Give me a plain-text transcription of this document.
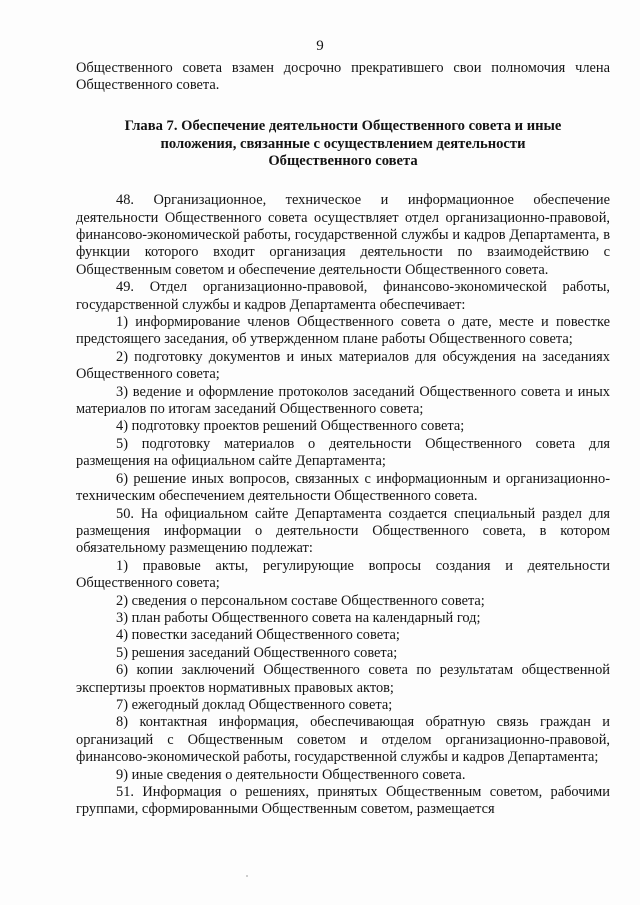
9

Общественного совета взамен досрочно прекратившего свои полномочия члена Общественного совета.

Глава 7. Обеспечение деятельности Общественного совета и иные
положения, связанные с осуществлением деятельности
Общественного совета

48. Организационное, техническое и информационное обеспечение деятельности Общественного совета осуществляет отдел организационно-правовой, финансово-экономической работы, государственной службы и кадров Департамента, в функции которого входит организация деятельности по взаимодействию с Общественным советом и обеспечение деятельности Общественного совета.

49. Отдел организационно-правовой, финансово-экономической работы, государственной службы и кадров Департамента обеспечивает:

1) информирование членов Общественного совета о дате, месте и повестке предстоящего заседания, об утвержденном плане работы Общественного совета;

2) подготовку документов и иных материалов для обсуждения на заседаниях Общественного совета;

3) ведение и оформление протоколов заседаний Общественного совета и иных материалов по итогам заседаний Общественного совета;

4) подготовку проектов решений Общественного совета;

5) подготовку материалов о деятельности Общественного совета для размещения на официальном сайте Департамента;

6) решение иных вопросов, связанных с информационным и организационно-техническим обеспечением деятельности Общественного совета.

50. На официальном сайте Департамента создается специальный раздел для размещения информации о деятельности Общественного совета, в котором обязательному размещению подлежат:

1) правовые акты, регулирующие вопросы создания и деятельности Общественного совета;

2) сведения о персональном составе Общественного совета;

3) план работы Общественного совета на календарный год;

4) повестки заседаний Общественного совета;

5) решения заседаний Общественного совета;

6) копии заключений Общественного совета по результатам общественной экспертизы проектов нормативных правовых актов;

7) ежегодный доклад Общественного совета;

8) контактная информация, обеспечивающая обратную связь граждан и организаций с Общественным советом и отделом организационно-правовой, финансово-экономической работы, государственной службы и кадров Департамента;

9) иные сведения о деятельности Общественного совета.

51. Информация о решениях, принятых Общественным советом, рабочими группами, сформированными Общественным советом, размещается
